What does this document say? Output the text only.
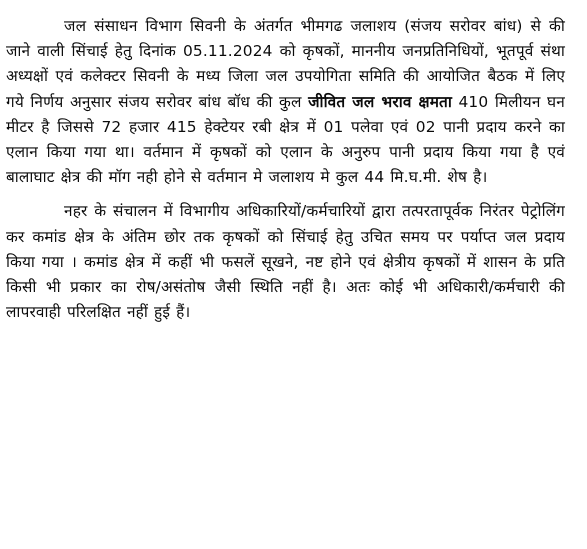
जल संसाधन विभाग सिवनी के अंतर्गत भीमगढ जलाशय (संजय सरोवर बांध) से की जाने वाली सिंचाई हेतु दिनांक 05.11.2024 को कृषकों, माननीय जनप्रतिनिधियों, भूतपूर्व संथा अध्यक्षों एवं कलेक्टर सिवनी के मध्य जिला जल उपयोगिता समिति की आयोजित बैठक में लिए गये निर्णय अनुसार संजय सरोवर बांध बॉध की कुल जीवित जल भराव क्षमता 410 मिलीयन घन मीटर है जिससे 72 हजार 415 हेक्टेयर रबी क्षेत्र में 01 पलेवा एवं 02 पानी प्रदाय करने का एलान किया गया था। वर्तमान में कृषकों को एलान के अनुरुप पानी प्रदाय किया गया है एवं बालाघाट क्षेत्र की मॉग नही होने से वर्तमान मे जलाशय मे कुल 44 मि.घ.मी. शेष है।

नहर के संचालन में विभागीय अधिकारियों/कर्मचारियों द्वारा तत्परतापूर्वक निरंतर पेट्रोलिंग कर कमांड क्षेत्र के अंतिम छोर तक कृषकों को सिंचाई हेतु उचित समय पर पर्याप्त जल प्रदाय किया गया । कमांड क्षेत्र में कहीं भी फसलें सूखने, नष्ट होने एवं क्षेत्रीय कृषकों में शासन के प्रति किसी भी प्रकार का रोष/असंतोष जैसी स्थिति नहीं है। अतः कोई भी अधिकारी/कर्मचारी की लापरवाही परिलक्षित नहीं हुई हैं।
